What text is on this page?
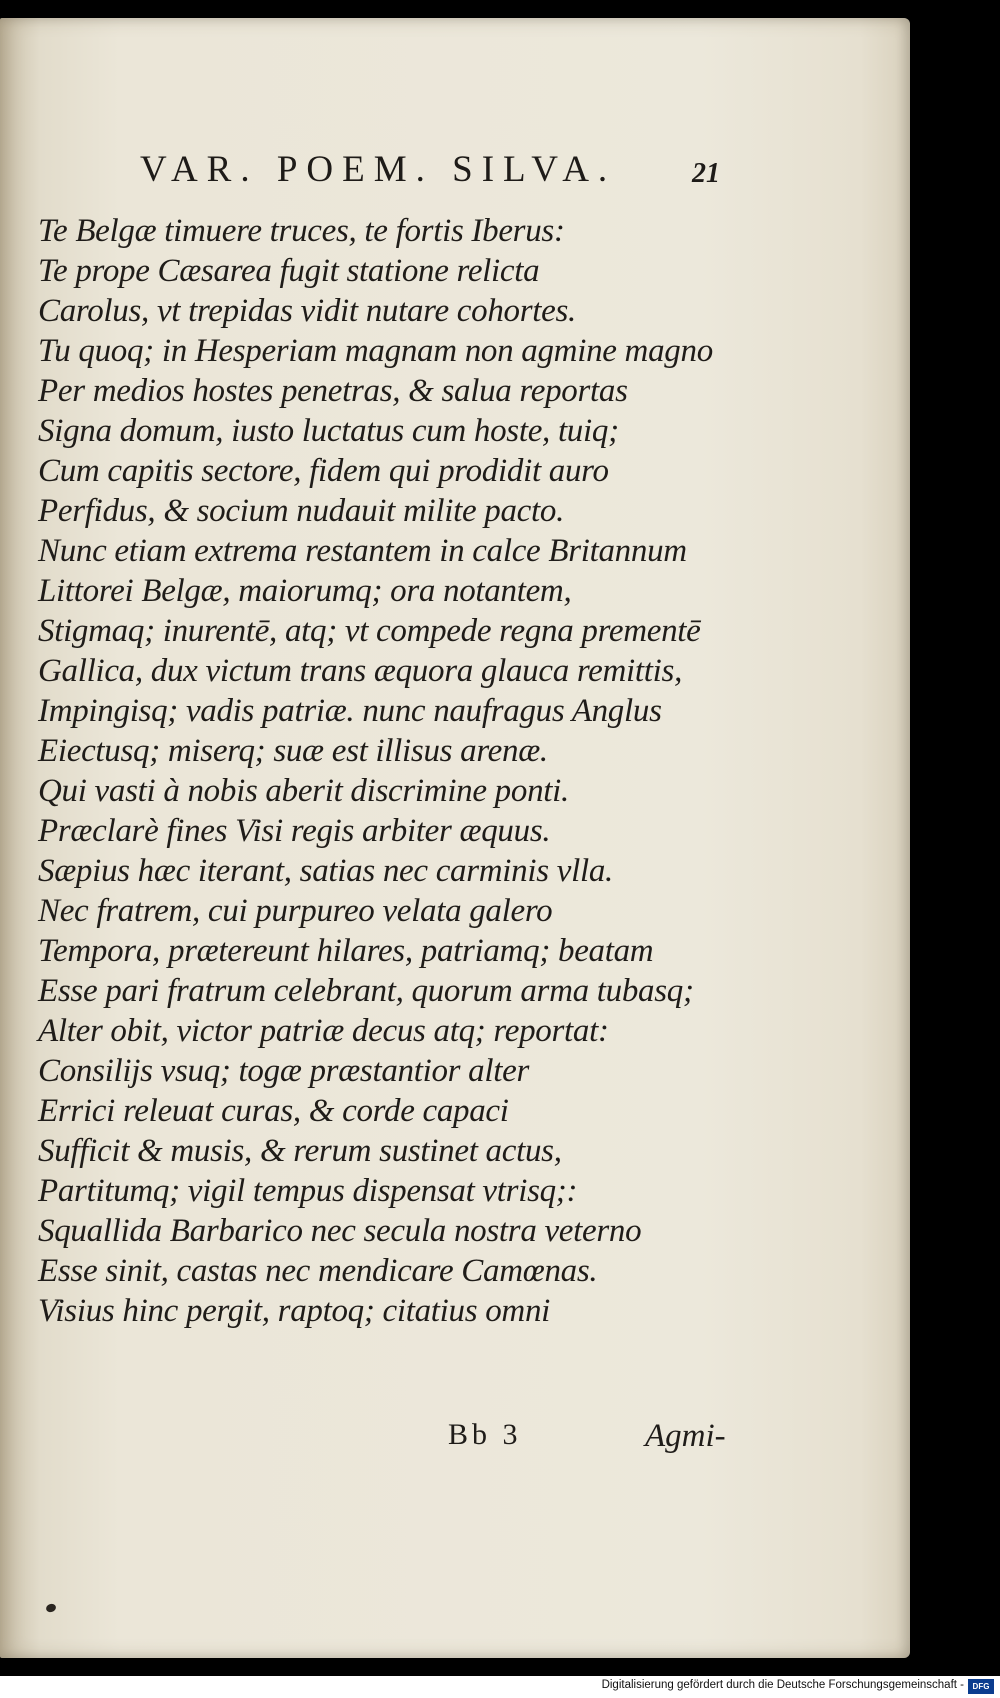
VAR. POEM. SILVA.	21
Te Belgæ timuere truces, te fortis Iberus:
Te prope Cæsarea fugit statione relicta
Carolus, vt trepidas vidit nutare cohortes.
Tu quoq; in Hesperiam magnam non agmine magno
Per medios hostes penetras, & salua reportas
Signa domum, iusto luctatus cum hoste, tuiq;
Cum capitis sectore, fidem qui prodidit auro
Perfidus, & socium nudauit milite pacto.
Nunc etiam extrema restantem in calce Britannum
Littorei Belgæ, maiorumq; ora notantem,
Stigmaq; inurentē, atq; vt compede regna prementē
Gallica, dux victum trans æquora glauca remittis,
Impingisq; vadis patriæ. nunc naufragus Anglus
Eiectusq; miserq; suæ est illisus arenæ.
Qui vasti à nobis aberit discrimine ponti.
Præclarè fines Visi regis arbiter æquus.
Sæpius hæc iterant, satias nec carminis vlla.
Nec fratrem, cui purpureo velata galero
Tempora, prætereunt hilares, patriamq; beatam
Esse pari fratrum celebrant, quorum arma tubasq;
Alter obit, victor patriæ decus atq; reportat:
Consilijs vsuq; togæ præstantior alter
Errici releuat curas, & corde capaci
Sufficit & musis, & rerum sustinet actus,
Partitumq; vigil tempus dispensat vtrisq;:
Squallida Barbarico nec secula nostra veterno
Esse sinit, castas nec mendicare Camœnas.
Visius hinc pergit, raptoq; citatius omni
Bb 3	Agmi-
Digitalisierung gefördert durch die Deutsche Forschungsgemeinschaft -	DFG
